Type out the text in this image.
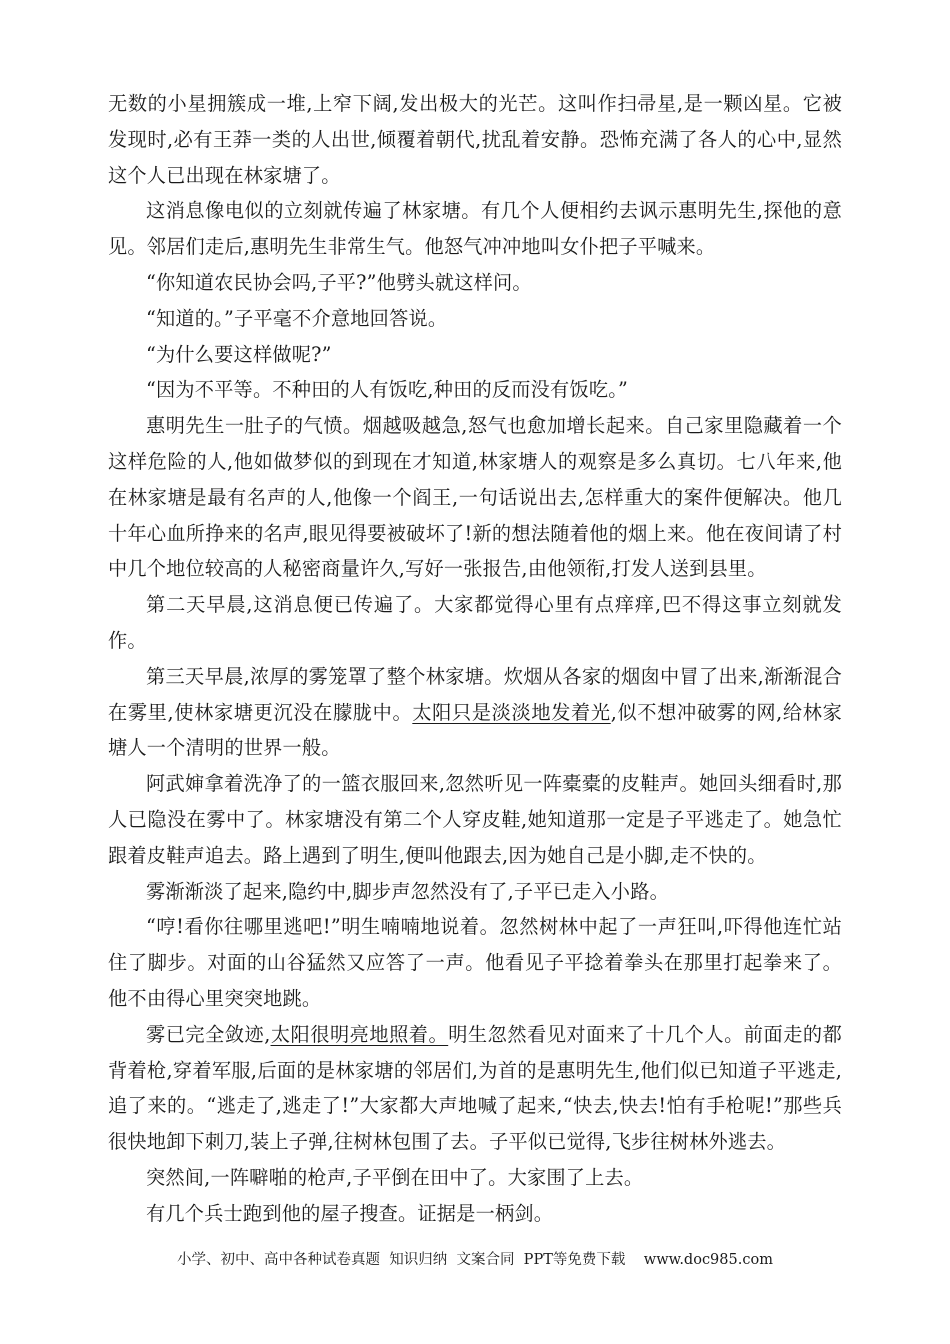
无数的小星拥簇成一堆,上窄下阔,发出极大的光芒。这叫作扫帚星,是一颗凶星。它被发现时,必有王莽一类的人出世,倾覆着朝代,扰乱着安静。恐怖充满了各人的心中,显然这个人已出现在林家塘了。

这消息像电似的立刻就传遍了林家塘。有几个人便相约去讽示惠明先生,探他的意见。邻居们走后,惠明先生非常生气。他怒气冲冲地叫女仆把子平喊来。

“你知道农民协会吗,子平?”他劈头就这样问。

“知道的。”子平毫不介意地回答说。

“为什么要这样做呢?”

“因为不平等。不种田的人有饭吃,种田的反而没有饭吃。”

惠明先生一肚子的气愤。烟越吸越急,怒气也愈加增长起来。自己家里隐藏着一个这样危险的人,他如做梦似的到现在才知道,林家塘人的观察是多么真切。七八年来,他在林家塘是最有名声的人,他像一个阎王,一句话说出去,怎样重大的案件便解决。他几十年心血所挣来的名声,眼见得要被破坏了!新的想法随着他的烟上来。他在夜间请了村中几个地位较高的人秘密商量许久,写好一张报告,由他领衔,打发人送到县里。

第二天早晨,这消息便已传遍了。大家都觉得心里有点痒痒,巴不得这事立刻就发作。

第三天早晨,浓厚的雾笼罩了整个林家塘。炊烟从各家的烟囱中冒了出来,渐渐混合在雾里,使林家塘更沉没在朦胧中。太阳只是淡淡地发着光,似不想冲破雾的网,给林家塘人一个清明的世界一般。

阿武婶拿着洗净了的一篮衣服回来,忽然听见一阵橐橐的皮鞋声。她回头细看时,那人已隐没在雾中了。林家塘没有第二个人穿皮鞋,她知道那一定是子平逃走了。她急忙跟着皮鞋声追去。路上遇到了明生,便叫他跟去,因为她自己是小脚,走不快的。

雾渐渐淡了起来,隐约中,脚步声忽然没有了,子平已走入小路。

“哼!看你往哪里逃吧!”明生喃喃地说着。忽然树林中起了一声狂叫,吓得他连忙站住了脚步。对面的山谷猛然又应答了一声。他看见子平捻着拳头在那里打起拳来了。他不由得心里突突地跳。

雾已完全敛迹,太阳很明亮地照着。明生忽然看见对面来了十几个人。前面走的都背着枪,穿着军服,后面的是林家塘的邻居们,为首的是惠明先生,他们似已知道子平逃走,追了来的。“逃走了,逃走了!”大家都大声地喊了起来,“快去,快去!怕有手枪呢!”那些兵很快地卸下刺刀,装上子弹,往树林包围了去。子平似已觉得,飞步往树林外逃去。

突然间,一阵噼啪的枪声,子平倒在田中了。大家围了上去。

有几个兵士跑到他的屋子搜查。证据是一柄剑。

小学、初中、高中各种试卷真题  知识归纳  文案合同  PPT等免费下载    www.doc985.com
